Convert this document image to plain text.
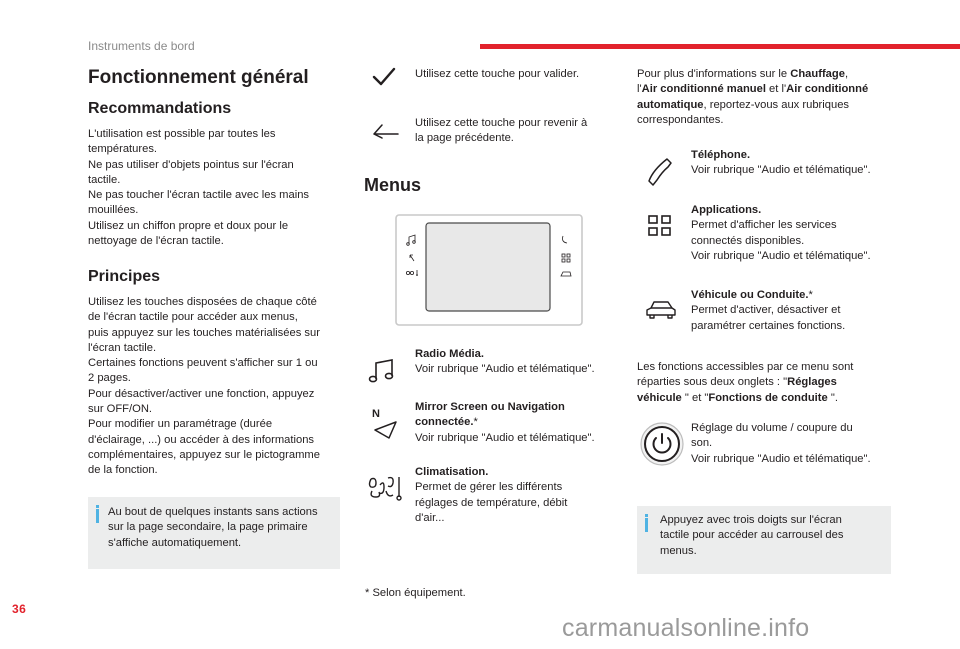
Instruments de bord
Fonctionnement général
Recommandations
L'utilisation est possible par toutes les
températures.
Ne pas utiliser d'objets pointus sur l'écran
tactile.
Ne pas toucher l'écran tactile avec les mains
mouillées.
Utilisez un chiffon propre et doux pour le
nettoyage de l'écran tactile.
Principes
Utilisez les touches disposées de chaque côté
de l'écran tactile pour accéder aux menus,
puis appuyez sur les touches matérialisées sur
l'écran tactile.
Certaines fonctions peuvent s'afficher sur 1 ou
2 pages.
Pour désactiver/activer une fonction, appuyez
sur OFF/ON.
Pour modifier un paramétrage (durée
d'éclairage, ...) ou accéder à des informations
complémentaires, appuyez sur le pictogramme
de la fonction.
Au bout de quelques instants sans actions
sur la page secondaire, la page primaire
s'affiche automatiquement.
Utilisez cette touche pour valider.
Utilisez cette touche pour revenir à
la page précédente.
Menus
Radio Média.
Voir rubrique "Audio et télématique".
N
Mirror Screen ou Navigation
connectée.*
Voir rubrique "Audio et télématique".
Climatisation.
Permet de gérer les différents
réglages de température, débit
d'air...
* Selon équipement.
Pour plus d'informations sur le Chauffage,
l'Air conditionné manuel et l'Air conditionné
automatique, reportez-vous aux rubriques
correspondantes.
Téléphone.
Voir rubrique "Audio et télématique".
Applications.
Permet d'afficher les services
connectés disponibles.
Voir rubrique "Audio et télématique".
Véhicule ou Conduite.*
Permet d'activer, désactiver et
paramétrer certaines fonctions.
Les fonctions accessibles par ce menu sont
réparties sous deux onglets : "Réglages
véhicule " et "Fonctions de conduite ".
Réglage du volume / coupure du
son.
Voir rubrique "Audio et télématique".
Appuyez avec trois doigts sur l'écran
tactile pour accéder au carrousel des
menus.
36
carmanualsonline.info
